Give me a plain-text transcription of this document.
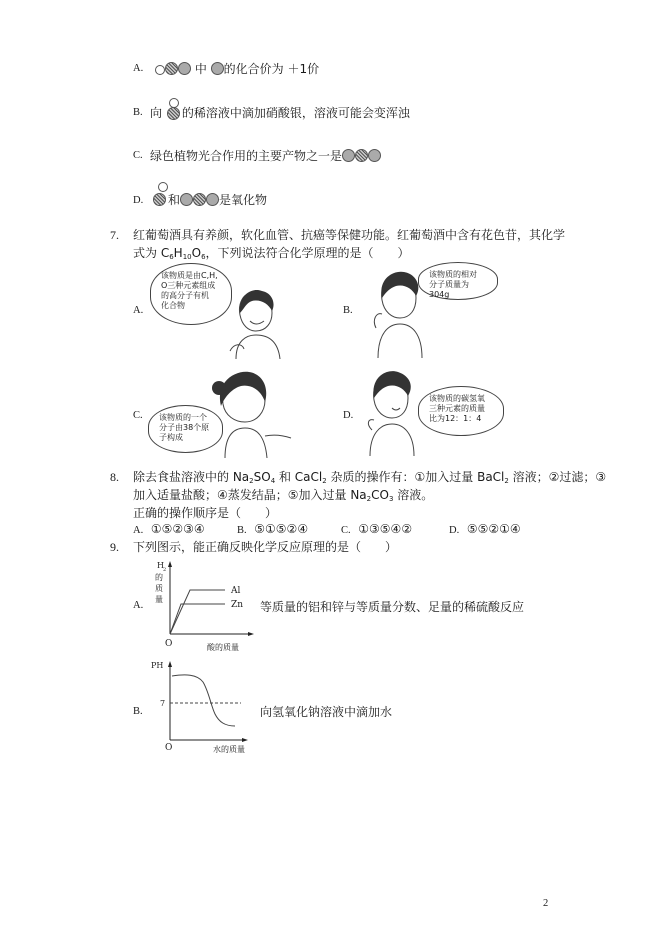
A.	中 的化合价为 ＋1价
B. 向 的稀溶液中滴加硝酸银，溶液可能会变浑浊
C. 绿色植物光合作用的主要产物之一是
D.	和	是氧化物
7. 红葡萄酒具有养颜，软化血管、抗癌等保健功能。红葡萄酒中含有花色苷，其化学
式为 $C_6H_{10}O_6$，下列说法符合化学原理的是（　　）
A.
该物质是由C,H,
O三种元素组成
的高分子有机
化合物	B.
该物质的相对
分子质量为304g
C. 该物质的一个
分子由38个原
子构成
D.
该物质的碳氢氧
三种元素的质量
比为12：1：4
8. 除去食盐溶液中的 $Na_2SO_4$ 和 CaCl$_2$ 杂质的操作有：①加入过量 BaCl$_2$ 溶液；②过滤；③
加入适量盐酸；④蒸发结晶；⑤加入过量 $Na_2CO_3$ 溶液。
正确的操作顺序是（　　）
A. ①⑤②③④	B. ⑤①⑤②④	C. ①③⑤④②	D. ⑤⑤②①④
9. 下列图示，能正确反映化学反应原理的是（　　）
A.
H 2
的
质
量
Al
Zn
O	酸的质量
等质量的铝和锌与等质量分数、足量的稀硫酸反应
B.
PH
7
O	水的质量
向氢氧化钠溶液中滴加水
2
